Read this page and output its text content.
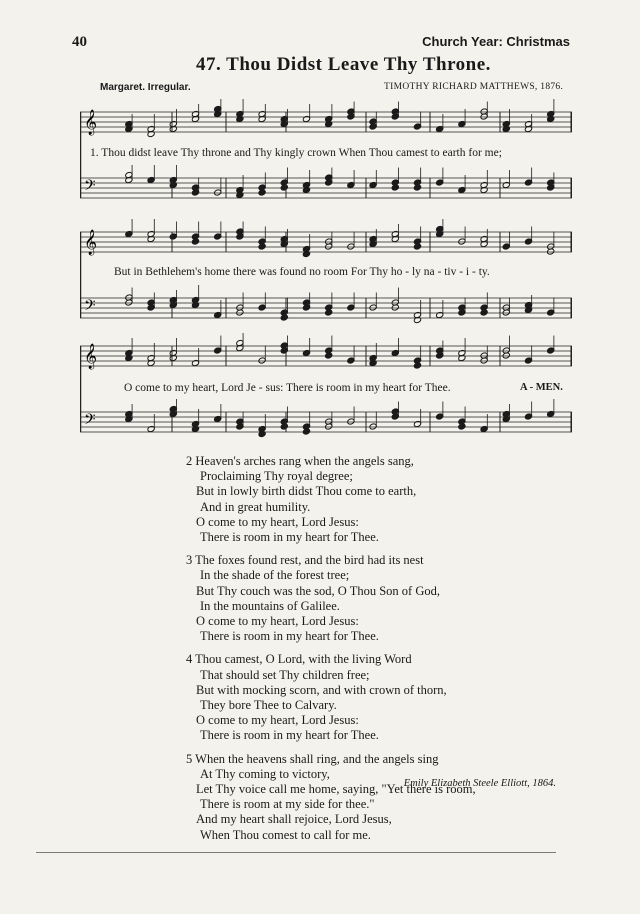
40	Church Year: Christmas
47. Thou Didst Leave Thy Throne.
Margaret. Irregular.	TIMOTHY RICHARD MATTHEWS, 1876.
𝄞
𝄢
1. Thou didst leave Thy throne and Thy kingly crown When Thou camest to earth for me;
𝄞
𝄢
But in Bethlehem's home there was found no room For Thy ho - ly na - tiv - i - ty.
𝄞
𝄢
O come to my heart, Lord Je - sus: There is room in my heart for Thee.	A - MEN.
2 Heaven's arches rang when the angels sang,
Proclaiming Thy royal degree;
But in lowly birth didst Thou come to earth,
And in great humility.
O come to my heart, Lord Jesus:
There is room in my heart for Thee.
3 The foxes found rest, and the bird had its nest
In the shade of the forest tree;
But Thy couch was the sod, O Thou Son of God,
In the mountains of Galilee.
O come to my heart, Lord Jesus:
There is room in my heart for Thee.
4 Thou camest, O Lord, with the living Word
That should set Thy children free;
But with mocking scorn, and with crown of thorn,
They bore Thee to Calvary.
O come to my heart, Lord Jesus:
There is room in my heart for Thee.
5 When the heavens shall ring, and the angels sing
At Thy coming to victory,
Let Thy voice call me home, saying, "Yet there is room,
There is room at my side for thee."
And my heart shall rejoice, Lord Jesus,
When Thou comest to call for me.
Emily Elizabeth Steele Elliott, 1864.
